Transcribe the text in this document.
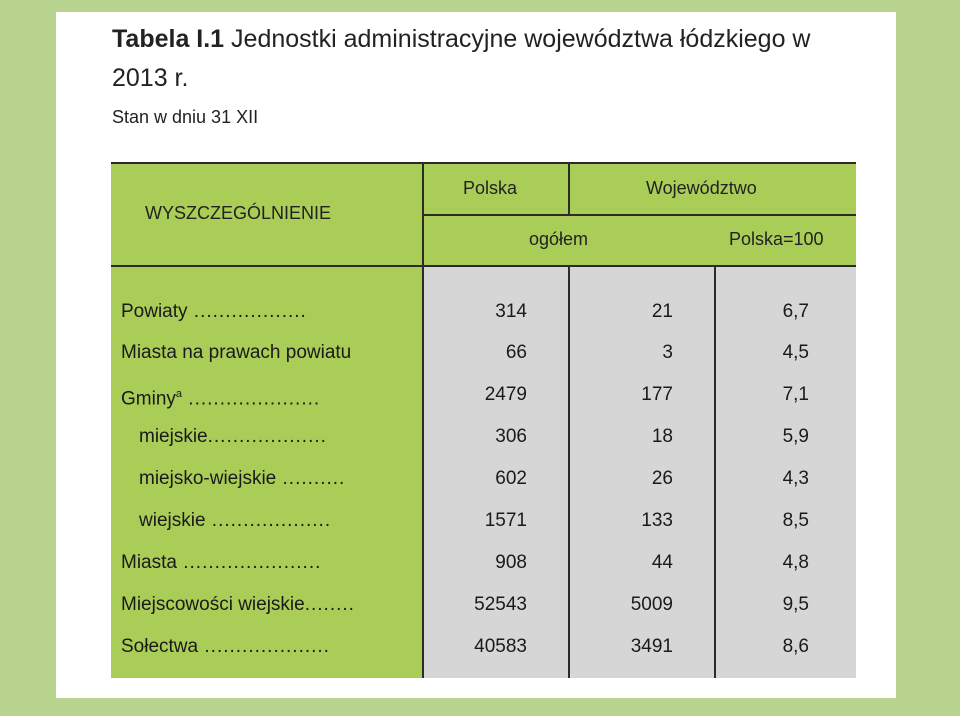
Tabela I.1 Jednostki administracyjne województwa łódzkiego w 2013 r.
Stan w dniu 31 XII
WYSZCZEGÓLNIENIE
Polska	Województwo
ogółem	Polska=100
Powiaty ..................	314	21	6,7
Miasta na prawach powiatu	66	3	4,5
Gminy$^a$ .....................	2479	177	7,1
miejskie...................	306	18	5,9
miejsko-wiejskie ..........	602	26	4,3
wiejskie ...................	1571	133	8,5
Miasta ......................	908	44	4,8
Miejscowości wiejskie........	52543	5009	9,5
Sołectwa ....................	40583	3491	8,6
